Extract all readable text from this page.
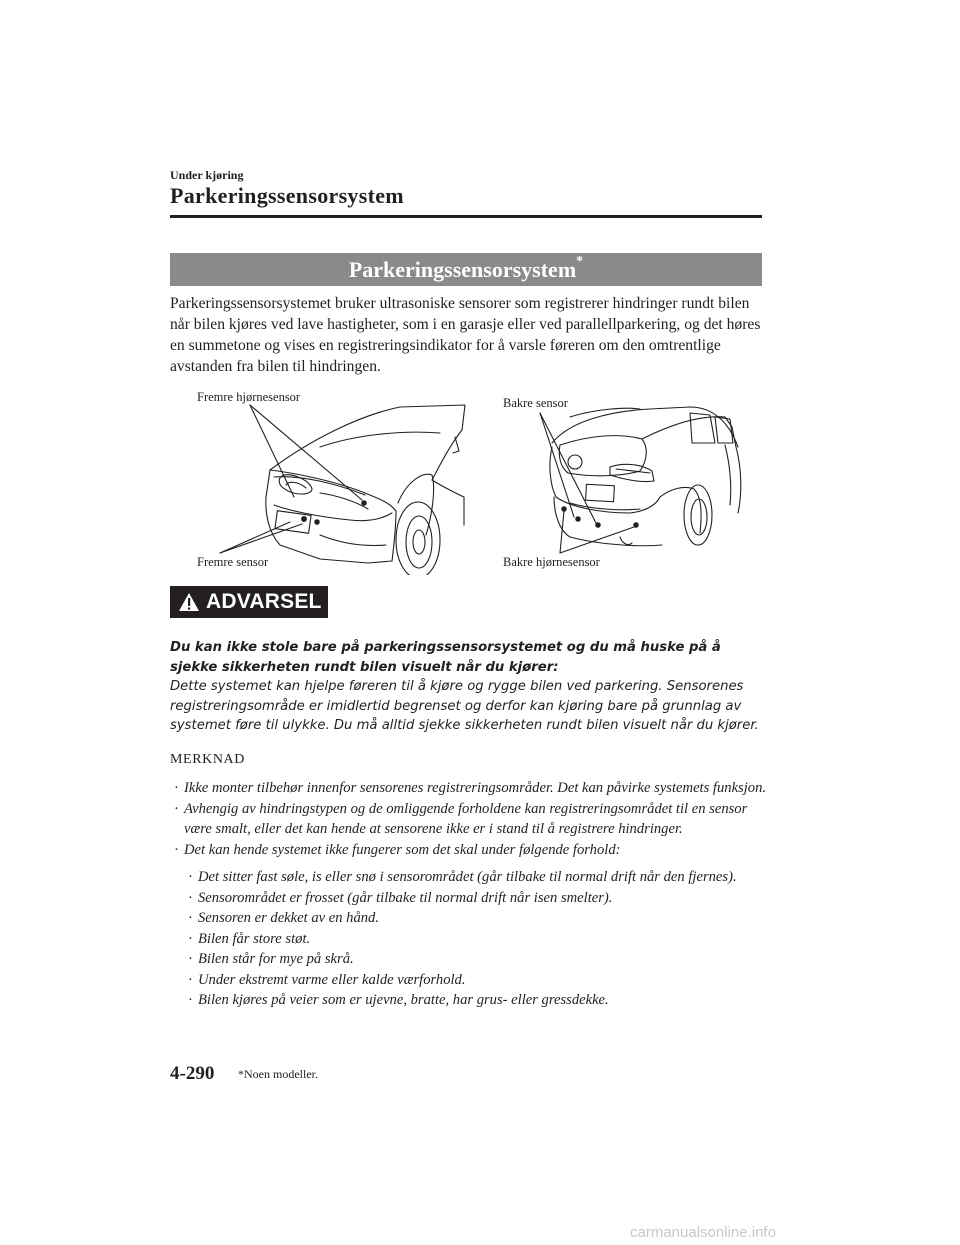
Under kjøring
Parkeringssensorsystem
Parkeringssensorsystem*
Parkeringssensorsystemet bruker ultrasoniske sensorer som registrerer hindringer rundt bilen når bilen kjøres ved lave hastigheter, som i en garasje eller ved parallellparkering, og det høres en summetone og vises en registreringsindikator for å varsle føreren om den omtrentlige avstanden fra bilen til hindringen.
Fremre hjørnesensor
Fremre sensor
Bakre sensor
Bakre hjørnesensor
ADVARSEL
Du kan ikke stole bare på parkeringssensorsystemet og du må huske på å sjekke sikkerheten rundt bilen visuelt når du kjører:
Dette systemet kan hjelpe føreren til å kjøre og rygge bilen ved parkering. Sensorenes registreringsområde er imidlertid begrenset og derfor kan kjøring bare på grunnlag av systemet føre til ulykke. Du må alltid sjekke sikkerheten rundt bilen visuelt når du kjører.
MERKNAD
· Ikke monter tilbehør innenfor sensorenes registreringsområder. Det kan påvirke systemets funksjon.
· Avhengig av hindringstypen og de omliggende forholdene kan registreringsområdet til en sensor være smalt, eller det kan hende at sensorene ikke er i stand til å registrere hindringer.
· Det kan hende systemet ikke fungerer som det skal under følgende forhold:
· Det sitter fast søle, is eller snø i sensorområdet (går tilbake til normal drift når den fjernes).
· Sensorområdet er frosset (går tilbake til normal drift når isen smelter).
· Sensoren er dekket av en hånd.
· Bilen får store støt.
· Bilen står for mye på skrå.
· Under ekstremt varme eller kalde værforhold.
· Bilen kjøres på veier som er ujevne, bratte, har grus- eller gressdekke.
4-290 *Noen modeller.
carmanualsonline.info
